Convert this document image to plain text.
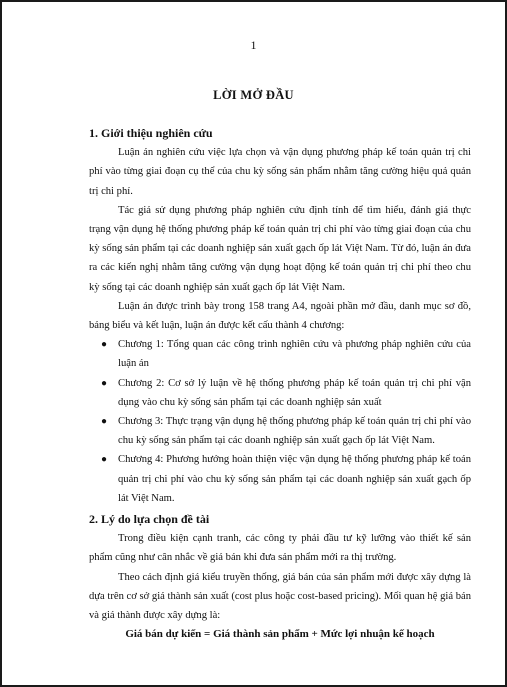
1
LỜI MỞ ĐẦU

1. Giới thiệu nghiên cứu

Luận án nghiên cứu việc lựa chọn và vận dụng phương pháp kế toán quản trị chi phí vào từng giai đoạn cụ thể của chu kỳ sống sản phẩm nhằm tăng cường hiệu quả quản trị chi phí.

Tác giả sử dụng phương pháp nghiên cứu định tính để tìm hiểu, đánh giá thực trạng vận dụng hệ thống phương pháp kế toán quản trị chi phí vào từng giai đoạn của chu kỳ sống sản phẩm tại các doanh nghiệp sản xuất gạch ốp lát Việt Nam. Từ đó, luận án đưa ra các kiến nghị nhằm tăng cường vận dụng hoạt động kế toán quản trị chi phí theo chu kỳ sống tại các doanh nghiệp sản xuất gạch ốp lát Việt Nam.

Luận án được trình bày trong 158 trang A4, ngoài phần mở đầu, danh mục sơ đồ, bảng biểu và kết luận, luận án được kết cấu thành 4 chương:

● Chương 1: Tổng quan các công trình nghiên cứu và phương pháp nghiên cứu của luận án
● Chương 2: Cơ sở lý luận về hệ thống phương pháp kế toán quản trị chi phí vận dụng vào chu kỳ sống sản phẩm tại các doanh nghiệp sản xuất
● Chương 3: Thực trạng vận dụng hệ thống phương pháp kế toán quản trị chi phí vào chu kỳ sống sản phẩm tại các doanh nghiệp sản xuất gạch ốp lát Việt Nam.
● Chương 4: Phương hướng hoàn thiện việc vận dụng hệ thống phương pháp kế toán quản trị chi phí vào chu kỳ sống sản phẩm tại các doanh nghiệp sản xuất gạch ốp lát Việt Nam.

2. Lý do lựa chọn đề tài

Trong điều kiện cạnh tranh, các công ty phải đầu tư kỹ lưỡng vào thiết kế sản phẩm cũng như cân nhắc về giá bán khi đưa sản phẩm mới ra thị trường.

Theo cách định giá kiểu truyền thống, giá bán của sản phẩm mới được xây dựng là dựa trên cơ sở giá thành sản xuất (cost plus hoặc cost-based pricing). Mối quan hệ giá bán và giá thành được xây dựng là:

Giá bán dự kiến = Giá thành sản phẩm + Mức lợi nhuận kế hoạch
